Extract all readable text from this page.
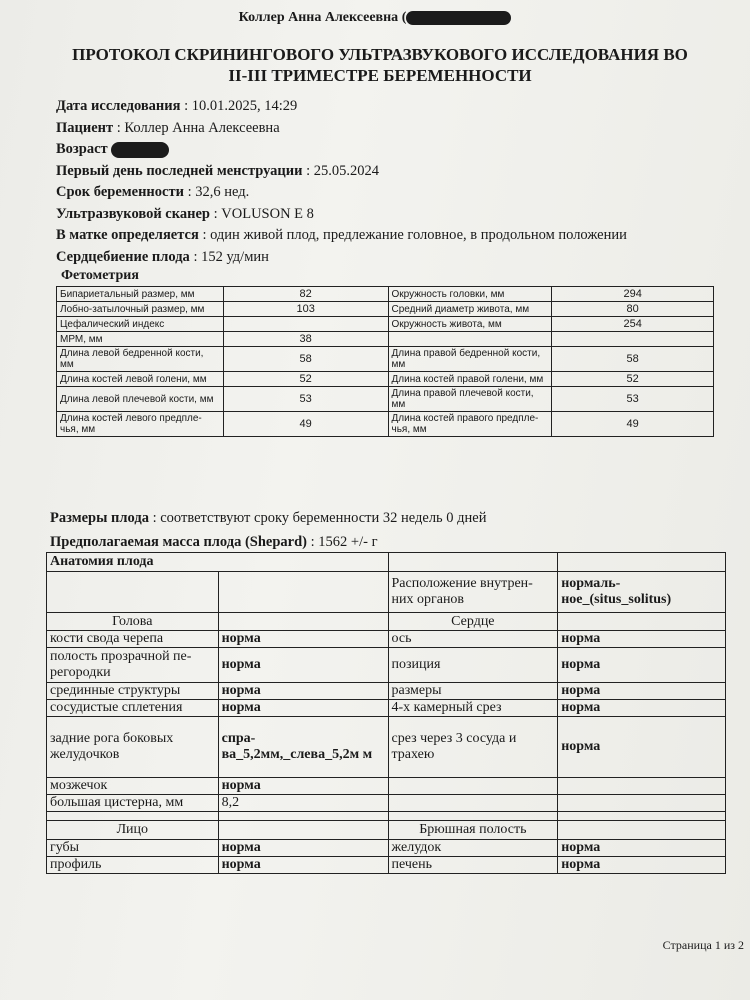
Коллер Анна Алексеевна (
ПРОТОКОЛ СКРИНИНГОВОГО УЛЬТРАЗВУКОВОГО ИССЛЕДОВАНИЯ ВО
II-III ТРИМЕСТРЕ БЕРЕМЕННОСТИ
Дата исследования : 10.01.2025, 14:29
Пациент : Коллер Анна Алексеевна
Возраст
Первый день последней менструации : 25.05.2024
Срок беременности : 32,6 нед.
Ультразвуковой сканер : VOLUSON E 8
В матке определяется : один живой плод, предлежание головное, в продольном положении
Сердцебиение плода : 152 уд/мин
Фетометрия
Бипариетальный размер, мм	82	Окружность головки, мм	294
Лобно-затылочный размер, мм	103	Средний диаметр живота, мм	80
Цефалический индекс		Окружность живота, мм	254
МРМ, мм	38		
Длина левой бедренной кости, мм	58	Длина правой бедренной кости, мм	58
Длина костей левой голени, мм	52	Длина костей правой голени, мм	52
Длина левой плечевой кости, мм	53	Длина правой плечевой кости, мм	53
Длина костей левого предпле-чья, мм	49	Длина костей правого предпле-чья, мм	49
Размеры плода : соответствуют сроку беременности 32 недель 0 дней
Предполагаемая масса плода (Shepard) : 1562 +/- г
Анатомия плода			
		Расположение внутрен-них органов	нормаль-ное_(situs_solitus)
Голова		Сердце	
кости свода черепа	норма	ось	норма
полость прозрачной пе-регородки	норма	позиция	норма
срединные структуры	норма	размеры	норма
сосудистые сплетения	норма	4-х камерный срез	норма
задние рога боковых желудочков	спра-ва_5,2мм,_слева_5,2м м	срез через 3 сосуда и трахею	норма
мозжечок	норма		
большая цистерна, мм	8,2		

Лицо		Брюшная полость	
губы	норма	желудок	норма
профиль	норма	печень	норма
Страница 1 из 2
